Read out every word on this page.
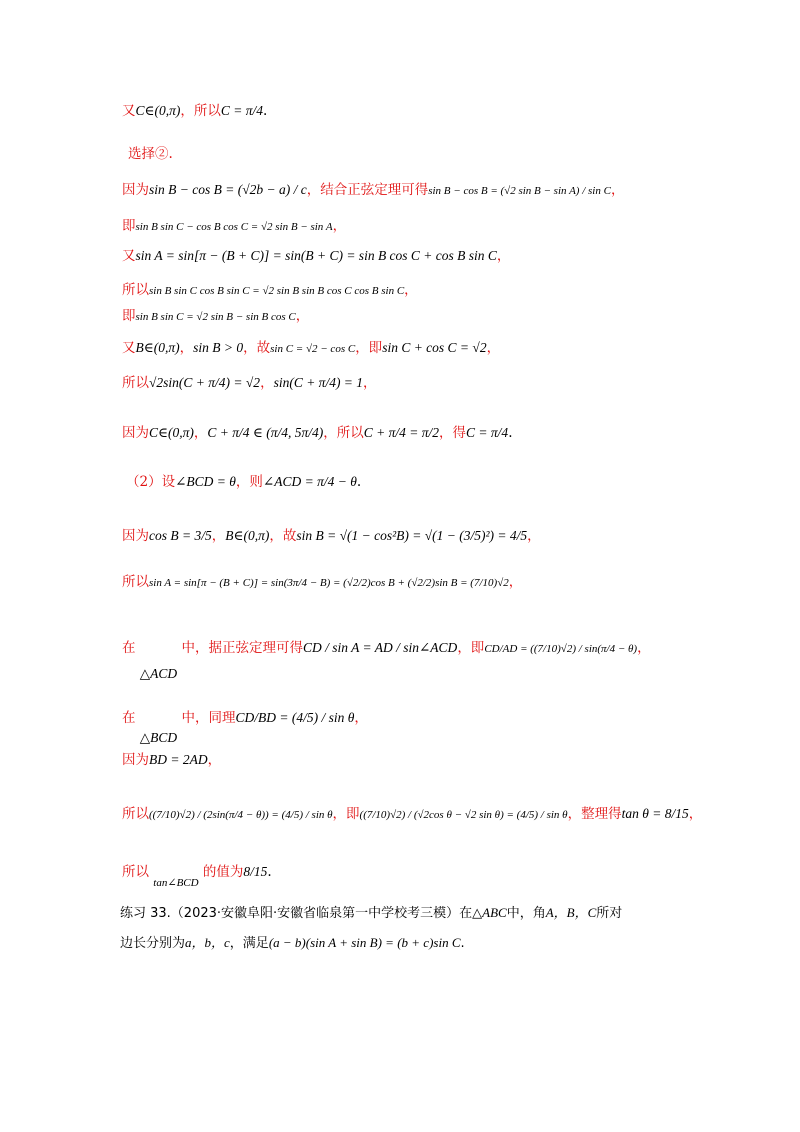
又C∈(0,π)，所以C = π/4.
选择②.
因为sin B − cos B = (√2b − a) / c，结合正弦定理可得sin B − cos B = (√2 sin B − sin A) / sin C，
即sin B sin C − cos B cos C = √2 sin B − sin A，
又sin A = sin[π − (B + C)] = sin(B + C) = sin B cos C + cos B sin C，
所以sin B sin C cos B sin C = √2 sin B sin B cos C cos B sin C，
即sin B sin C = √2 sin B − sin B cos C，
又B∈(0,π)，sin B > 0，故sin C = √2 − cos C，即sin C + cos C = √2，
所以√2sin(C + π/4) = √2，sin(C + π/4) = 1，
因为C∈(0,π)，C + π/4 ∈ (π/4, 5π/4)，所以C + π/4 = π/2，得C = π/4.
（2）设∠BCD = θ，则∠ACD = π/4 − θ.
因为cos B = 3/5，B∈(0,π)，故sin B = √(1 − cos²B) = √(1 − (3/5)²) = 4/5，
所以sin A = sin[π − (B + C)] = sin(3π/4 − B) = (√2/2)cos B + (√2/2)sin B = (7/10)√2，
在 △ACD 中，据正弦定理可得CD / sin A = AD / sin∠ACD，即CD/AD = ((7/10)√2) / sin(π/4 − θ)，
在 △BCD 中，同理CD/BD = (4/5) / sin θ，
因为BD = 2AD，
所以((7/10)√2) / (2sin(π/4 − θ)) = (4/5) / sin θ，即((7/10)√2) / (√2cos θ − √2 sin θ) = (4/5) / sin θ，整理得tan θ = 8/15，
所以 $_{tan\angle BCD}$ 的值为8/15.
练习 33.（2023·安徽阜阳·安徽省临泉第一中学校考三模）在△ABC中，角A，B，C所对
边长分别为a，b，c，满足(a − b)(sin A + sin B) = (b + c)sin C.
